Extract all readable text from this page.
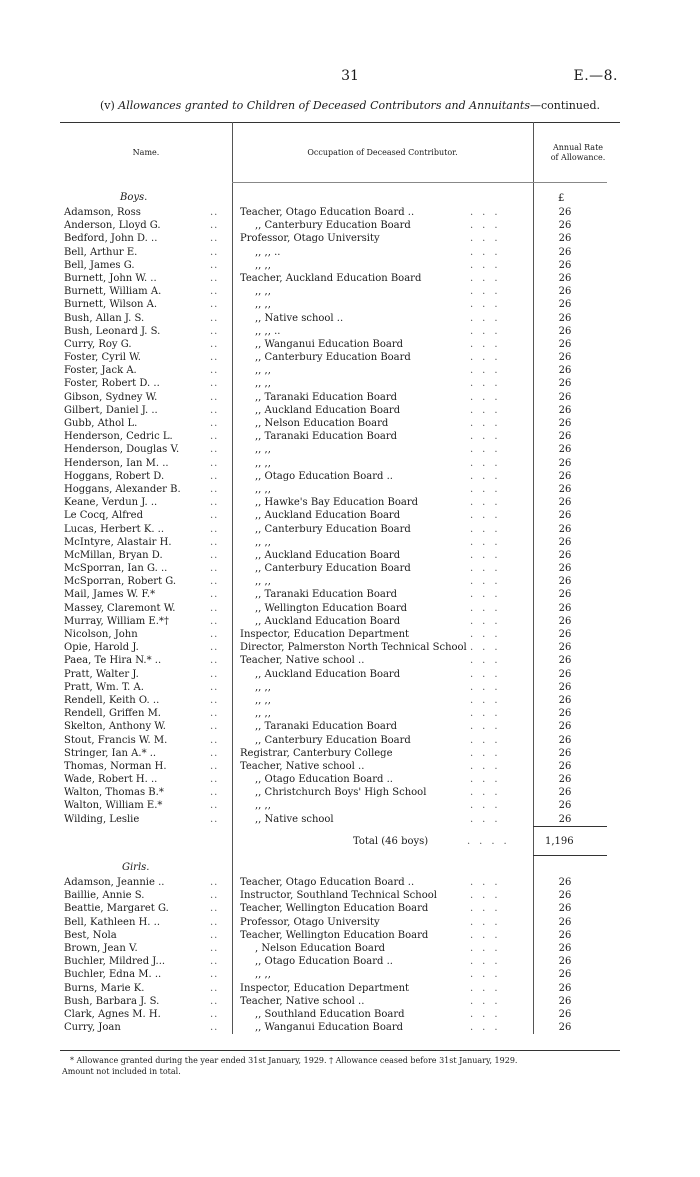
31	E.—8.
(v) Allowances granted to Children of Deceased Contributors and Annuitants—continued.
Name.	Occupation of Deceased Contributor.
Annual Rate
of Allowance.
Boys.	£
Adamson, Ross	.. Teacher, Otago Education Board ..	...	26
Anderson, Lloyd G.	..	,, Canterbury Education Board	...	26
Bedford, John D. ..	.. Professor, Otago University	...	26
Bell, Arthur E.	..	,, ,, ..	...	26
Bell, James G.	..	,, ,,	...	26
Burnett, John W. ..	.. Teacher, Auckland Education Board	...	26
Burnett, William A.	..	,, ,,	...	26
Burnett, Wilson A.	..	,, ,,	...	26
Bush, Allan J. S.	..	,, Native school ..	...	26
Bush, Leonard J. S.	..	,, ,, ..	...	26
Curry, Roy G.	..	,, Wanganui Education Board	...	26
Foster, Cyril W.	..	,, Canterbury Education Board	...	26
Foster, Jack A.	..	,, ,,	...	26
Foster, Robert D. ..	..	,, ,,	...	26
Gibson, Sydney W.	..	,, Taranaki Education Board	...	26
Gilbert, Daniel J. ..	..	,, Auckland Education Board	...	26
Gubb, Athol L.	..	,, Nelson Education Board	...	26
Henderson, Cedric L.	..	,, Taranaki Education Board	...	26
Henderson, Douglas V.	..	,, ,,	...	26
Henderson, Ian M. ..	..	,, ,,	...	26
Hoggans, Robert D.	..	,, Otago Education Board ..	...	26
Hoggans, Alexander B.	..	,, ,,	...	26
Keane, Verdun J. ..	..	,, Hawke's Bay Education Board	...	26
Le Cocq, Alfred	..	,, Auckland Education Board	...	26
Lucas, Herbert K. ..	..	,, Canterbury Education Board	...	26
McIntyre, Alastair H.	..	,, ,,	...	26
McMillan, Bryan D.	..	,, Auckland Education Board	...	26
McSporran, Ian G. ..	..	,, Canterbury Education Board	...	26
McSporran, Robert G.	..	,, ,,	...	26
Mail, James W. F.*	..	,, Taranaki Education Board	...	26
Massey, Claremont W.	..	,, Wellington Education Board	...	26
Murray, William E.*†	..	,, Auckland Education Board	...	26
Nicolson, John	.. Inspector, Education Department	...	26
Opie, Harold J.	.. Director, Palmerston North Technical School ...	26
Paea, Te Hira N.* ..	.. Teacher, Native school ..	...	26
Pratt, Walter J.	..	,, Auckland Education Board	...	26
Pratt, Wm. T. A.	..	,, ,,	...	26
Rendell, Keith O. ..	..	,, ,,	...	26
Rendell, Griffen M.	..	,, ,,	...	26
Skelton, Anthony W.	..	,, Taranaki Education Board	...	26
Stout, Francis W. M.	..	,, Canterbury Education Board	...	26
Stringer, Ian A.* ..	.. Registrar, Canterbury College	...	26
Thomas, Norman H.	.. Teacher, Native school ..	...	26
Wade, Robert H. ..	..	,, Otago Education Board ..	...	26
Walton, Thomas B.*	..	,, Christchurch Boys' High School	...	26
Walton, William E.*	..	,, ,,	...	26
Wilding, Leslie	..	,, Native school	...	26
Total (46 boys)	....	1,196
Girls.
Adamson, Jeannie ..	.. Teacher, Otago Education Board ..	...	26
Baillie, Annie S.	.. Instructor, Southland Technical School	...	26
Beattie, Margaret G.	.. Teacher, Wellington Education Board	...	26
Bell, Kathleen H. ..	.. Professor, Otago University	...	26
Best, Nola	.. Teacher, Wellington Education Board	...	26
Brown, Jean V.	..	, Nelson Education Board	...	26
Buchler, Mildred J...	..	,, Otago Education Board ..	...	26
Buchler, Edna M. ..	..	,, ,,	...	26
Burns, Marie K.	.. Inspector, Education Department	...	26
Bush, Barbara J. S.	.. Teacher, Native school ..	...	26
Clark, Agnes M. H.	..	,, Southland Education Board	...	26
Curry, Joan	..	,, Wanganui Education Board	...	26
* Allowance granted during the year ended 31st January, 1929. † Allowance ceased before 31st January, 1929.
Amount not included in total.
